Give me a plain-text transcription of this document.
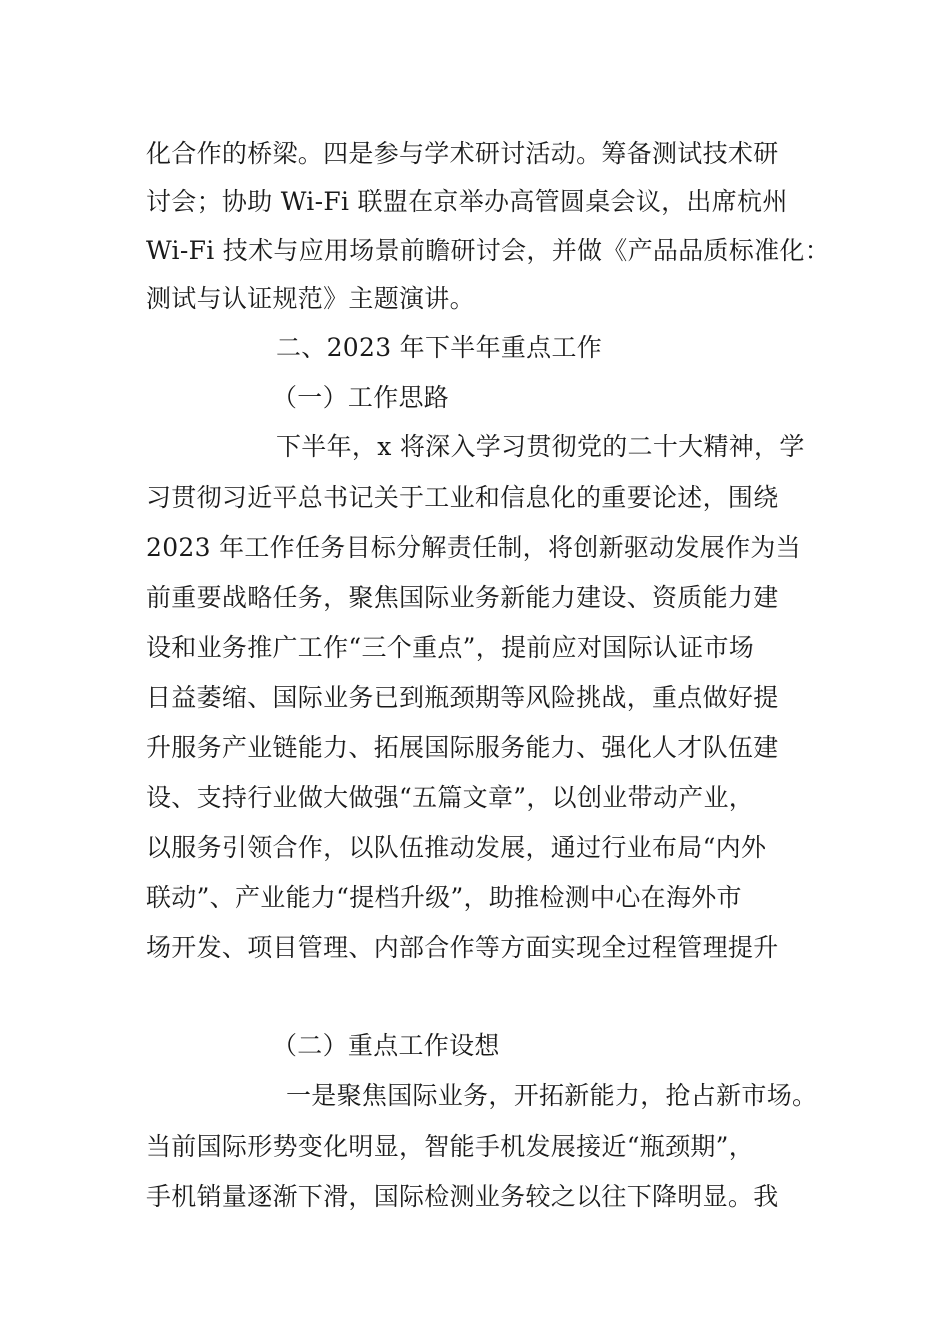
化合作的桥梁。四是参与学术研讨活动。筹备测试技术研
讨会；协助 Wi-Fi 联盟在京举办高管圆桌会议，出席杭州
Wi-Fi 技术与应用场景前瞻研讨会，并做《产品品质标准化：
测试与认证规范》主题演讲。
二、2023 年下半年重点工作
（一）工作思路
下半年，x 将深入学习贯彻党的二十大精神，学
习贯彻习近平总书记关于工业和信息化的重要论述，围绕
2023 年工作任务目标分解责任制，将创新驱动发展作为当
前重要战略任务，聚焦国际业务新能力建设、资质能力建
设和业务推广工作“三个重点”，提前应对国际认证市场
日益萎缩、国际业务已到瓶颈期等风险挑战，重点做好提
升服务产业链能力、拓展国际服务能力、强化人才队伍建
设、支持行业做大做强“五篇文章”，以创业带动产业，
以服务引领合作，以队伍推动发展，通过行业布局“内外
联动”、产业能力“提档升级”，助推检测中心在海外市
场开发、项目管理、内部合作等方面实现全过程管理提升
（二）重点工作设想
一是聚焦国际业务，开拓新能力，抢占新市场。
当前国际形势变化明显，智能手机发展接近“瓶颈期”，
手机销量逐渐下滑，国际检测业务较之以往下降明显。我
